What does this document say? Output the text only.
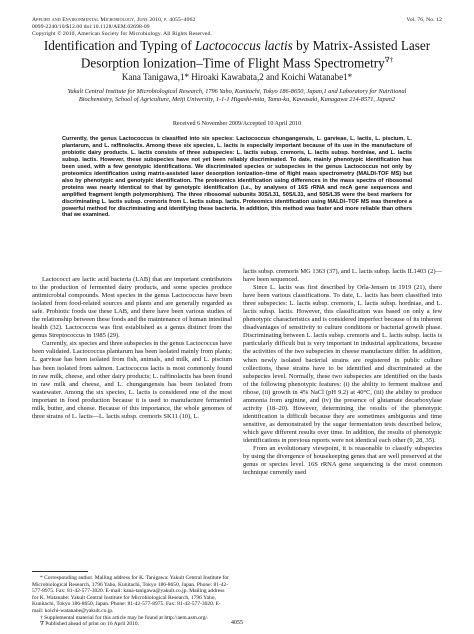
Applied and Environmental Microbiology, June 2010, p. 4055–4062
0099-2240/10/$12.00 doi:10.1128/AEM.02698-09
Copyright © 2010, American Society for Microbiology. All Rights Reserved.
Vol. 76, No. 12
Identification and Typing of Lactococcus lactis by Matrix-Assisted Laser Desorption Ionization–Time of Flight Mass Spectrometry∇†
Kana Tanigawa,1* Hiroaki Kawabata,2 and Koichi Watanabe1*
Yakult Central Institute for Microbiological Research, 1796 Yaho, Kunitachi, Tokyo 186-8650, Japan,1 and Laboratory for Nutritional Biochemistry, School of Agriculture, Meiji University, 1-1-1 Higashi-mita, Tama-ku, Kawasaki, Kanagawa 214-8571, Japan2
Received 6 November 2009/Accepted 10 April 2010
Currently, the genus Lactococcus is classified into six species: Lactococcus chungangensis, L. garvieae, L. lactis, L. piscium, L. plantarum, and L. raffinolactis. Among these six species, L. lactis is especially important because of its use in the manufacture of probiotic dairy products. L. lactis consists of three subspecies: L. lactis subsp. cremoris, L. lactis subsp. hordniae, and L. lactis subsp. lactis. However, these subspecies have not yet been reliably discriminated. To date, mainly phenotypic identification has been used, with a few genotypic identifications. We discriminated species or subspecies in the genus Lactococcus not only by proteomics identification using matrix-assisted laser desorption ionization–time of flight mass spectrometry (MALDI-TOF MS) but also by phenotypic and genotypic identification. The proteomics identification using differences in the mass spectra of ribosomal proteins was nearly identical to that by genotypic identification (i.e., by analyses of 16S rRNA and recA gene sequences and amplified fragment length polymorphism). The three ribosomal subunits 30S/L31, 50S/L31, and 50S/L35 were the best markers for discriminating L. lactis subsp. cremoris from L. lactis subsp. lactis. Proteomics identification using MALDI–TOF MS was therefore a powerful method for discriminating and identifying these bacteria. In addition, this method was faster and more reliable than others that we examined.

Lactococci are lactic acid bacteria (LAB) that are important contributors to the production of fermented dairy products, and some species produce antimicrobial compounds. Most species in the genus Lactococcus have been isolated from food-related sources and plants and are generally regarded as safe. Probiotic foods use these LAB, and there have been various studies of the relationship between these foods and the maintenance of human intestinal health (32). Lactococcus was first established as a genus distinct from the genus Streptococcus in 1985 (29).

Currently, six species and three subspecies in the genus Lactococcus have been validated. Lactococcus plantarum has been isolated mainly from plants; L. garvieae has been isolated from fish, animals, and milk, and L. piscium has been isolated from salmon. Lactococcus lactis is most commonly found in raw milk, cheese, and other dairy products; L. raffinolactis has been found in raw milk and cheese, and L. chungangensis has been isolated from wastewater. Among the six species, L. lactis is considered one of the most important in food production because it is used to manufacture fermented milk, butter, and cheese. Because of this importance, the whole genomes of three strains of L. lactis—L. lactis subsp. cremoris SK11 (10), L.

lactis subsp. cremoris MG 1363 (37), and L. lactis subsp. lactis IL1403 (2)—have been sequenced.

Since L. lactis was first described by Orla-Jensen in 1919 (21), there have been various classifications. To date, L. lactis has been classified into three subspecies: L. lactis subsp. cremoris, L. lactis subsp. hordniae, and L. lactis subsp. lactis. However, this classification was based on only a few phenotypic characteristics and is considered imperfect because of its inherent disadvantages of sensitivity to culture conditions or bacterial growth phase. Discriminating between L. lactis subsp. cremoris and L. lactis subsp. lactis is particularly difficult but is very important in industrial applications, because the activities of the two subspecies in cheese manufacture differ. In addition, when newly isolated bacterial strains are registered in public culture collections, these strains have to be identified and discriminated at the subspecies level. Normally, these two subspecies are identified on the basis of the following phenotypic features: (i) the ability to ferment maltose and ribose, (ii) growth in 4% NaCl (pH 9.2) at 40°C, (iii) the ability to produce ammonia from arginine, and (iv) the presence of glutamate decarboxylase activity (18–20). However, determining the results of the phenotypic identification is difficult because they are sometimes ambiguous and time sensitive, as demonstrated by the sugar fermentation tests described below, which gave different results over time. In addition, the results of phenotypic identifications in previous reports were not identical each other (9, 28, 35).

From an evolutionary viewpoint, it is reasonable to classify subspecies by using the divergence of housekeeping genes that are well preserved at the genus or species level. 16S rRNA gene sequencing is the most common technique currently used

* Corresponding author. Mailing address for K. Tanigawa: Yakult Central Institute for Microbiological Research, 1796 Yaho, Kunitachi, Tokyo 186-8650, Japan. Phone: 81-42-577-8975. Fax: 81-42-577-3020. E-mail: kana-tanigawa@yakult.co.jp. Mailing address for K. Watanabe: Yakult Central Institute for Microbiological Research, 1796 Yaho, Kunitachi, Tokyo 186-8650, Japan. Phone: 81-42-577-8975. Fax: 81-42-577-3020. E-mail: koichi-watanabe@yakult.co.jp.

† Supplemental material for this article may be found at http://aem.asm.org/.

∇ Published ahead of print on 16 April 2010.	4055
